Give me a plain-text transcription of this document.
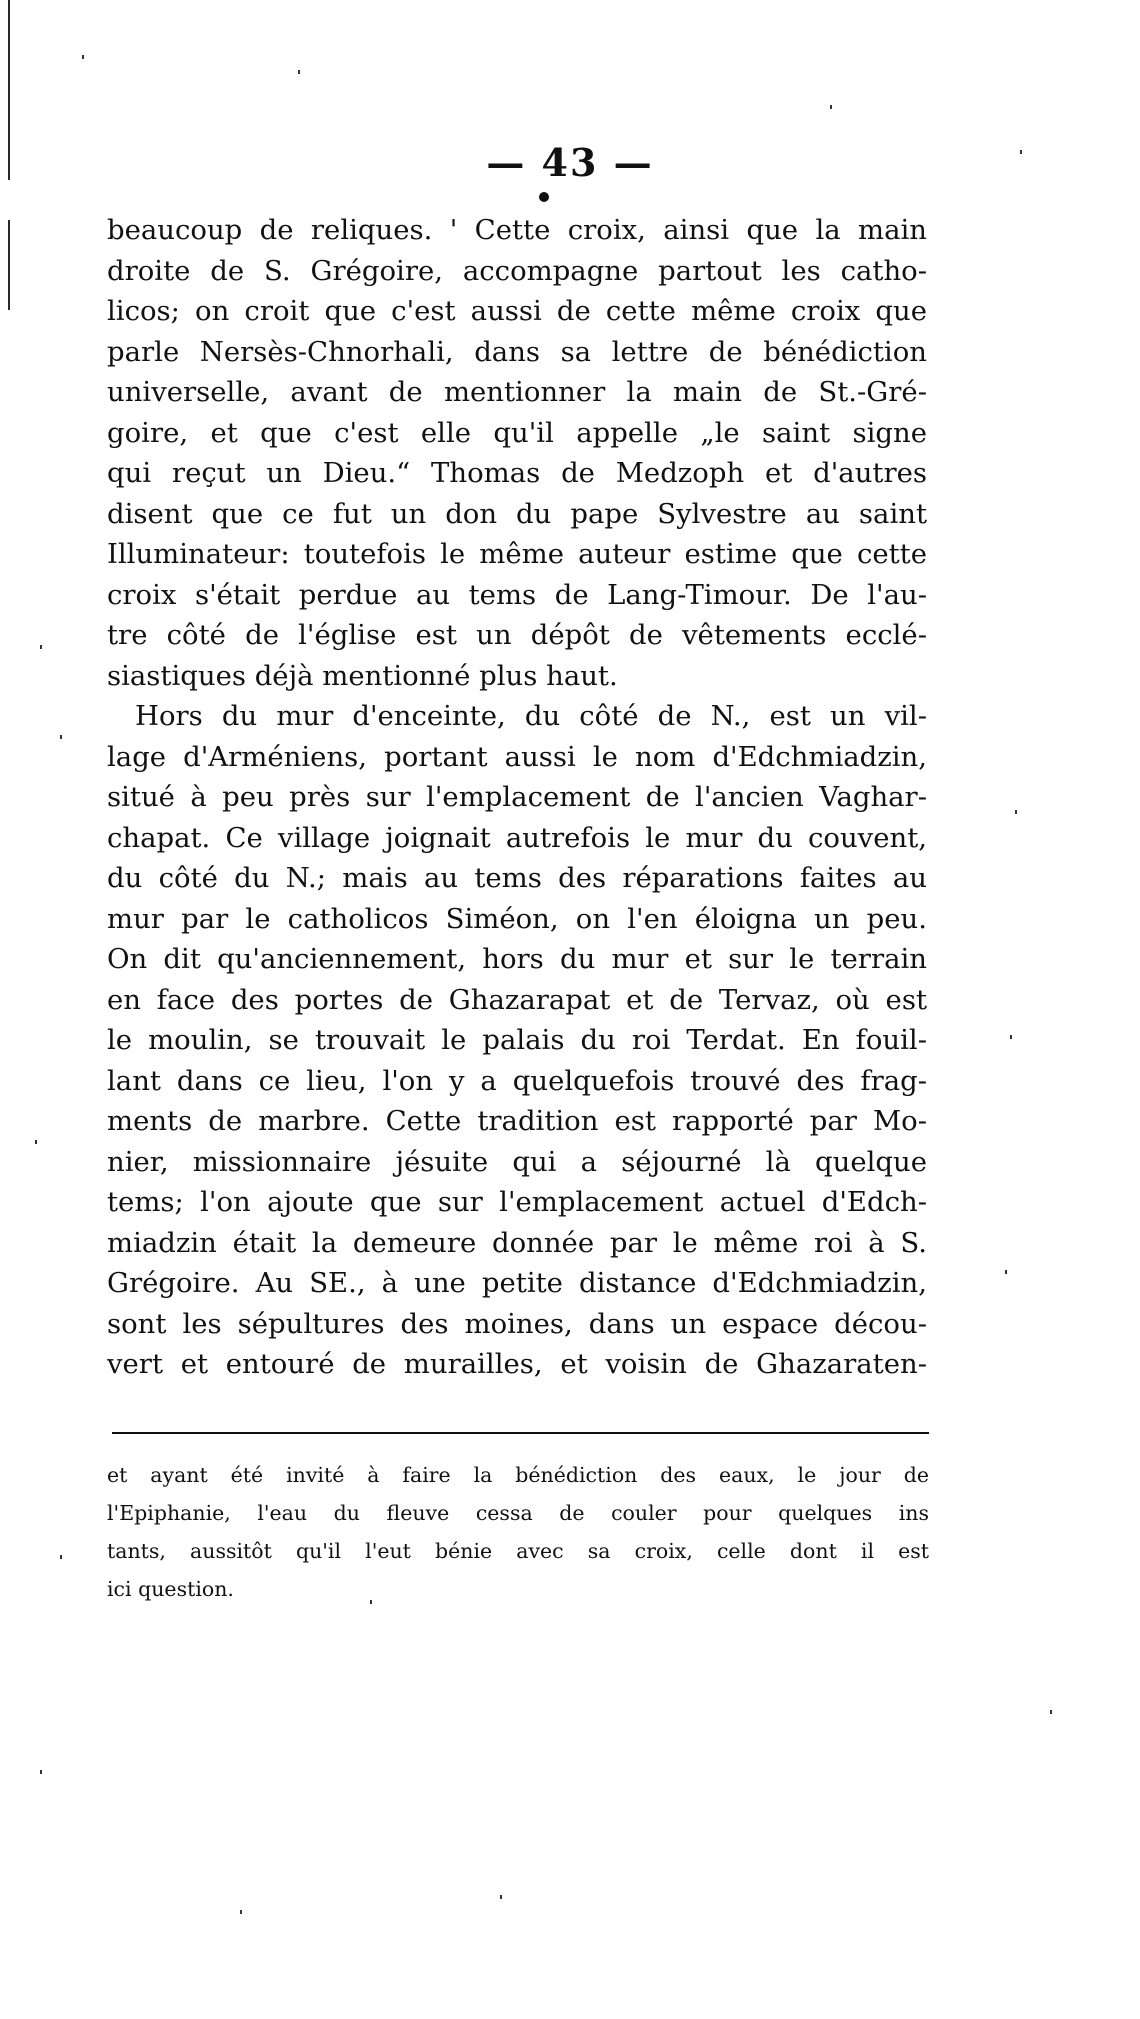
— 43 —
beaucoup de reliques. ' Cette croix, ainsi que la main
droite de S. Grégoire, accompagne partout les catho-
licos; on croit que c'est aussi de cette même croix que
parle Nersès-Chnorhali, dans sa lettre de bénédiction
universelle, avant de mentionner la main de St.-Gré-
goire, et que c'est elle qu'il appelle „le saint signe
qui reçut un Dieu.“ Thomas de Medzoph et d'autres
disent que ce fut un don du pape Sylvestre au saint
Illuminateur: toutefois le même auteur estime que cette
croix s'était perdue au tems de Lang-Timour. De l'au-
tre côté de l'église est un dépôt de vêtements ecclé-
siastiques déjà mentionné plus haut.
Hors du mur d'enceinte, du côté de N., est un vil-
lage d'Arméniens, portant aussi le nom d'Edchmiadzin,
situé à peu près sur l'emplacement de l'ancien Vaghar-
chapat. Ce village joignait autrefois le mur du couvent,
du côté du N.; mais au tems des réparations faites au
mur par le catholicos Siméon, on l'en éloigna un peu.
On dit qu'anciennement, hors du mur et sur le terrain
en face des portes de Ghazarapat et de Tervaz, où est
le moulin, se trouvait le palais du roi Terdat. En fouil-
lant dans ce lieu, l'on y a quelquefois trouvé des frag-
ments de marbre. Cette tradition est rapporté par Mo-
nier, missionnaire jésuite qui a séjourné là quelque
tems; l'on ajoute que sur l'emplacement actuel d'Edch-
miadzin était la demeure donnée par le même roi à S.
Grégoire. Au SE., à une petite distance d'Edchmiadzin,
sont les sépultures des moines, dans un espace décou-
vert et entouré de murailles, et voisin de Ghazaraten-
et ayant été invité à faire la bénédiction des eaux, le jour de
l'Epiphanie, l'eau du fleuve cessa de couler pour quelques ins
tants, aussitôt qu'il l'eut bénie avec sa croix, celle dont il est
ici question.
